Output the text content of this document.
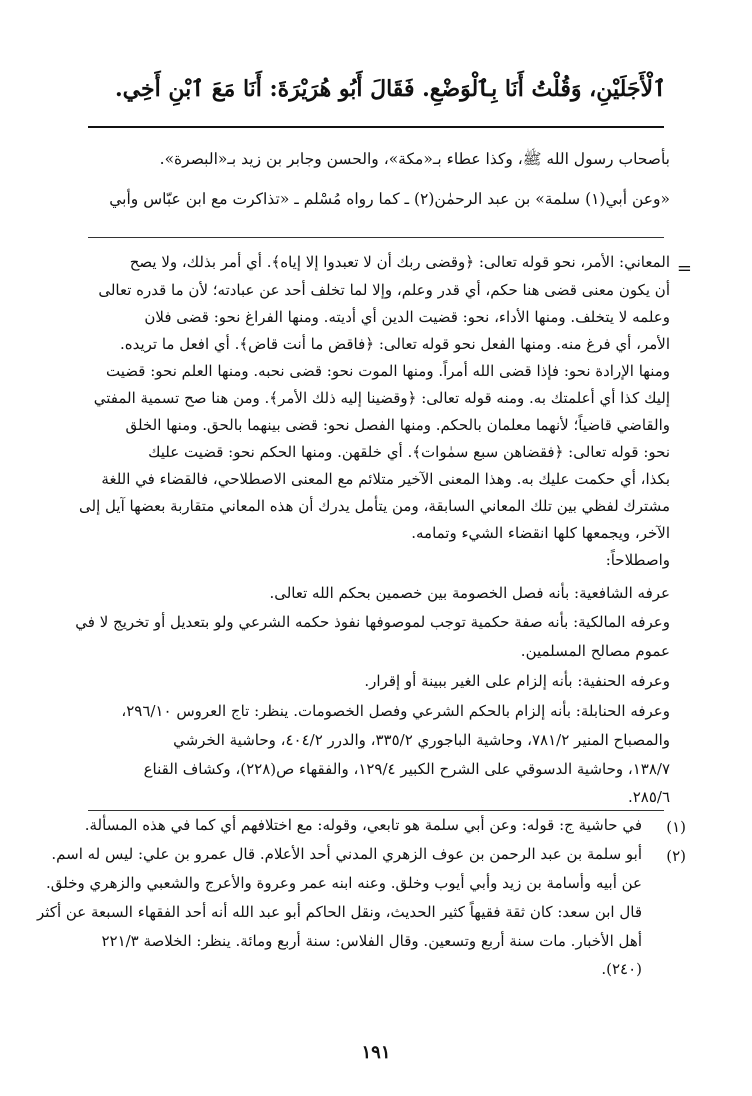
ٱلْأَجَلَيْنِ، وَقُلْتُ أَنَا بِٱلْوَضْعِ. فَقَالَ أَبُو هُرَيْرَةَ: أَنَا مَعَ ٱبْنِ أَخِي.
بأصحاب رسول الله ﷺ، وكذا عطاء بـ«مكة»، والحسن وجابر بن زيد بـ«البصرة».
«وعن أبي(١) سلمة» بن عبد الرحمٰن(٢) ـ كما رواه مُسْلم ـ «تذاكرت مع ابن عبّاس وأبي
=
المعاني: الأمر، نحو قوله تعالى: ﴿وقضى ربك أن لا تعبدوا إلا إياه﴾. أي أمر بذلك، ولا يصح
أن يكون معنى قضى هنا حكم، أي قدر وعلم، وإلا لما تخلف أحد عن عبادته؛ لأن ما قدره تعالى
وعلمه لا يتخلف. ومنها الأداء، نحو: قضيت الدين أي أديته. ومنها الفراغ نحو: قضى فلان
الأمر، أي فرغ منه. ومنها الفعل نحو قوله تعالى: ﴿فاقض ما أنت قاض﴾. أي افعل ما تريده.
ومنها الإرادة نحو: فإذا قضى الله أمراً. ومنها الموت نحو: قضى نحبه. ومنها العلم نحو: قضيت
إليك كذا أي أعلمتك به. ومنه قوله تعالى: ﴿وقضينا إليه ذلك الأمر﴾. ومن هنا صح تسمية المفتي
والقاضي قاضياً؛ لأنهما معلمان بالحكم. ومنها الفصل نحو: قضى بينهما بالحق. ومنها الخلق
نحو: قوله تعالى: ﴿فقضاهن سبع سمٰوات﴾. أي خلقهن. ومنها الحكم نحو: قضيت عليك
بكذا، أي حكمت عليك به. وهذا المعنى الآخير متلائم مع المعنى الاصطلاحي، فالقضاء في اللغة
مشترك لفظي بين تلك المعاني السابقة، ومن يتأمل يدرك أن هذه المعاني متقاربة بعضها آيل إلى
الآخر، ويجمعها كلها انقضاء الشيء وتمامه.
واصطلاحاً:
عرفه الشافعية: بأنه فصل الخصومة بين خصمين بحكم الله تعالى.
وعرفه المالكية: بأنه صفة حكمية توجب لموصوفها نفوذ حكمه الشرعي ولو بتعديل أو تخريج لا في
عموم مصالح المسلمين.
وعرفه الحنفية: بأنه إلزام على الغير ببينة أو إقرار.
وعرفه الحنابلة: بأنه إلزام بالحكم الشرعي وفصل الخصومات. ينظر: تاج العروس ٢٩٦/١٠،
والمصباح المنير ٧٨١/٢، وحاشية الباجوري ٣٣٥/٢، والدرر ٤٠٤/٢، وحاشية الخرشي
١٣٨/٧، وحاشية الدسوقي على الشرح الكبير ١٢٩/٤، والفقهاء ص(٢٢٨)، وكشاف القناع
٢٨٥/٦.
(١)
في حاشية ج: قوله: وعن أبي سلمة هو تابعي، وقوله: مع اختلافهم أي كما في هذه المسألة.
(٢)
أبو سلمة بن عبد الرحمن بن عوف الزهري المدني أحد الأعلام. قال عمرو بن علي: ليس له اسم.
عن أبيه وأسامة بن زيد وأبي أيوب وخلق. وعنه ابنه عمر وعروة والأعرج والشعبي والزهري وخلق.
قال ابن سعد: كان ثقة فقيهاً كثير الحديث، ونقل الحاكم أبو عبد الله أنه أحد الفقهاء السبعة عن أكثر
أهل الأخبار. مات سنة أربع وتسعين. وقال الفلاس: سنة أربع ومائة. ينظر: الخلاصة ٢٢١/٣
(٢٤٠).
١٩١
